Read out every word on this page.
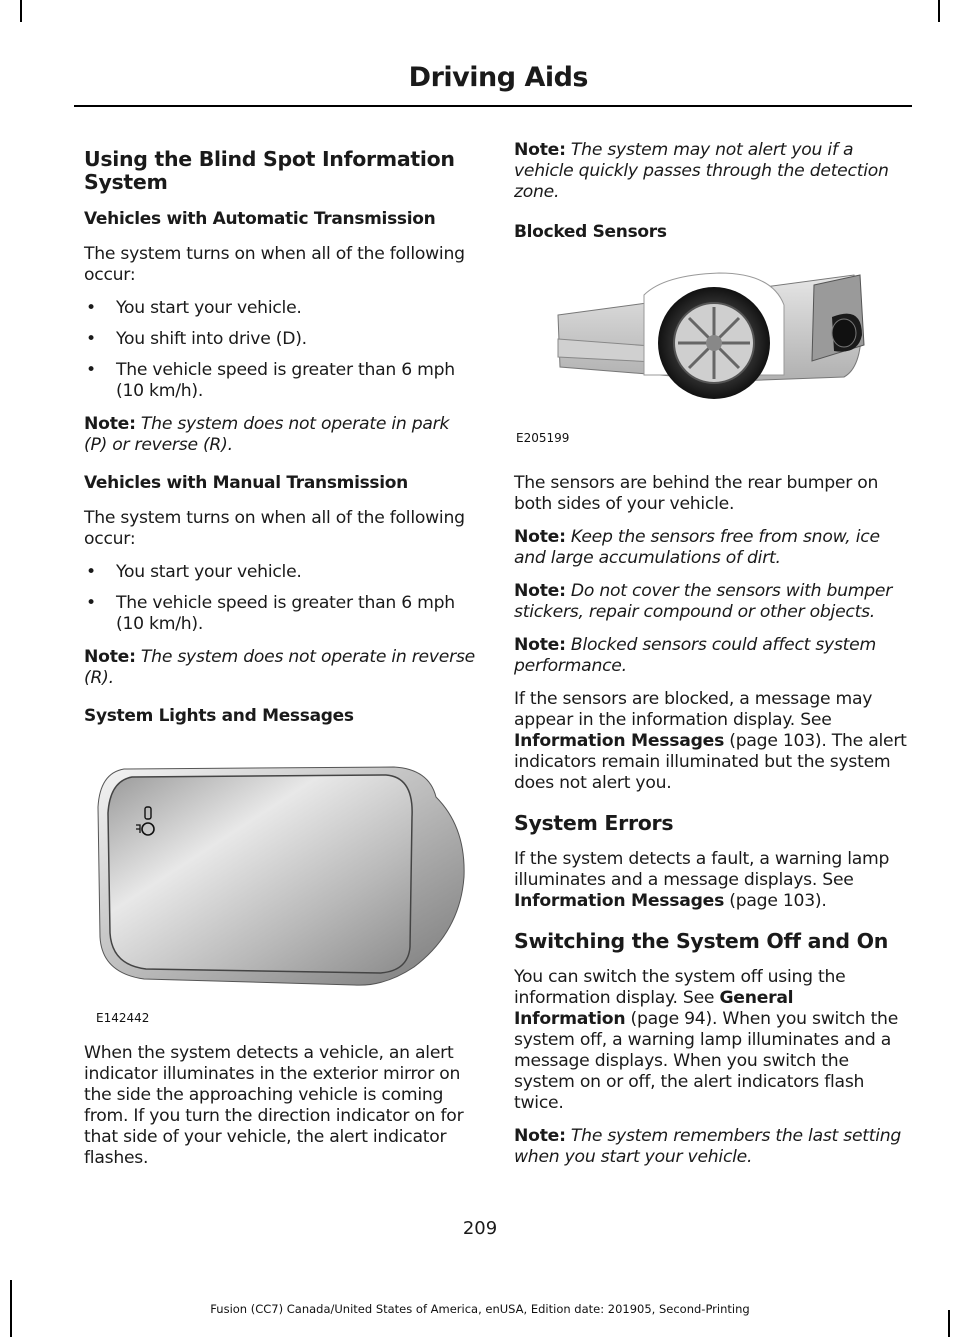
Driving Aids
Using the Blind Spot Information System
Vehicles with Automatic Transmission

The system turns on when all of the following occur:

• You start your vehicle.
• You shift into drive (D).
• The vehicle speed is greater than 6 mph (10 km/h).

Note: The system does not operate in park (P) or reverse (R).

Vehicles with Manual Transmission

The system turns on when all of the following occur:

• You start your vehicle.
• The vehicle speed is greater than 6 mph (10 km/h).

Note: The system does not operate in reverse (R).

System Lights and Messages
E142442

When the system detects a vehicle, an alert indicator illuminates in the exterior mirror on the side the approaching vehicle is coming from. If you turn the direction indicator on for that side of your vehicle, the alert indicator flashes.

Note: The system may not alert you if a vehicle quickly passes through the detection zone.

Blocked Sensors
E205199

The sensors are behind the rear bumper on both sides of your vehicle.

Note: Keep the sensors free from snow, ice and large accumulations of dirt.

Note: Do not cover the sensors with bumper stickers, repair compound or other objects.

Note: Blocked sensors could affect system performance.

If the sensors are blocked, a message may appear in the information display. See Information Messages (page 103). The alert indicators remain illuminated but the system does not alert you.

System Errors

If the system detects a fault, a warning lamp illuminates and a message displays. See Information Messages (page 103).

Switching the System Off and On

You can switch the system off using the information display. See General Information (page 94). When you switch the system off, a warning lamp illuminates and a message displays. When you switch the system on or off, the alert indicators flash twice.

Note: The system remembers the last setting when you start your vehicle.

209
Fusion (CC7) Canada/United States of America, enUSA, Edition date: 201905, Second-Printing
